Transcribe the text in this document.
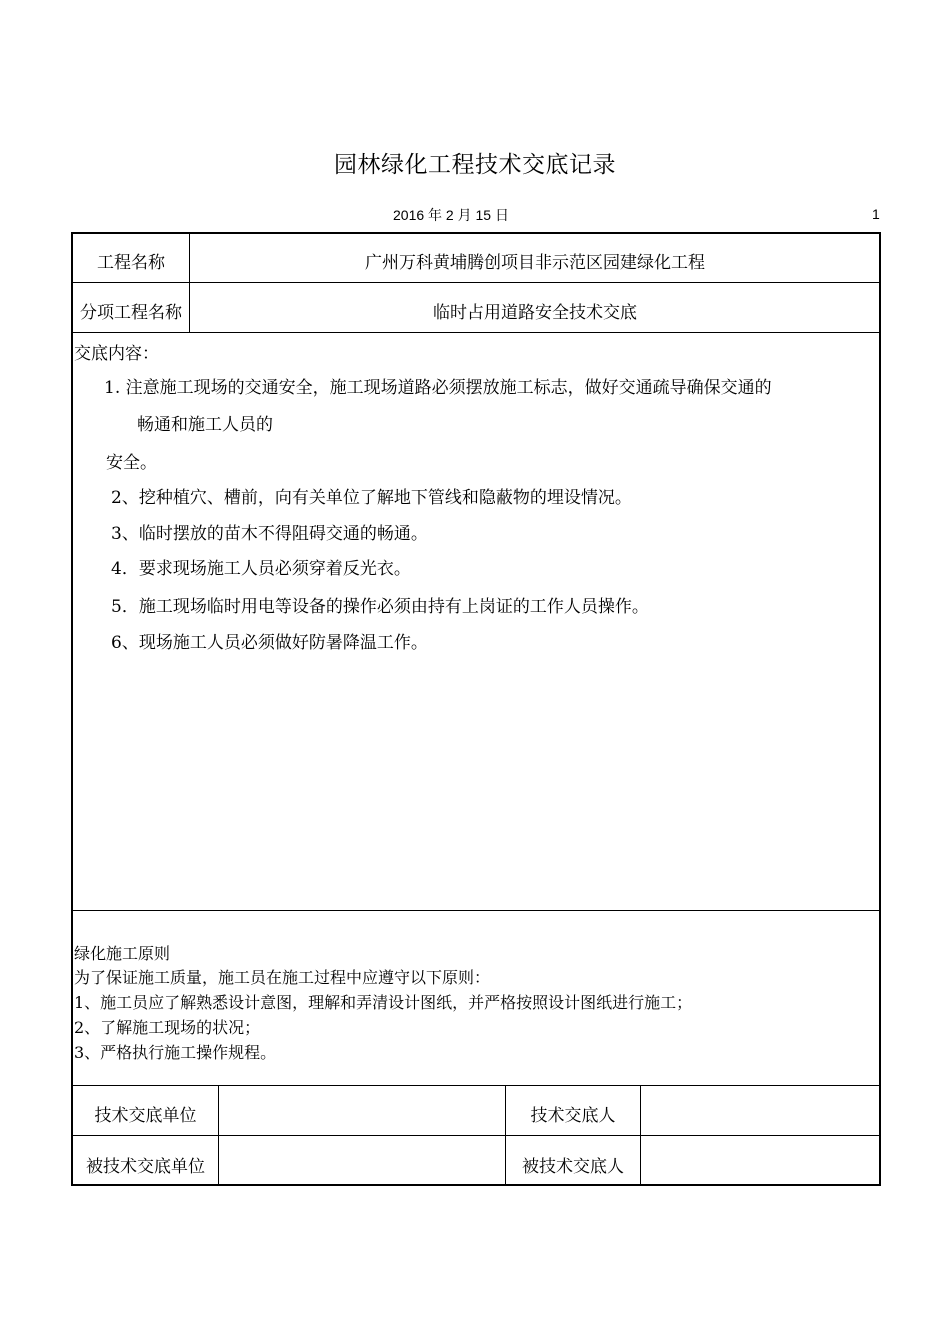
园林绿化工程技术交底记录
2016 年 2 月 15 日	1
工程名称	广州万科黄埔腾创项目非示范区园建绿化工程
分项工程名称	临时占用道路安全技术交底
交底内容：
1. 注意施工现场的交通安全，施工现场道路必须摆放施工标志，做好交通疏导确保交通的
畅通和施工人员的
安全。
2、挖种植穴、槽前，向有关单位了解地下管线和隐蔽物的埋设情况。
3、临时摆放的苗木不得阻碍交通的畅通。
4．要求现场施工人员必须穿着反光衣。
5．施工现场临时用电等设备的操作必须由持有上岗证的工作人员操作。
6、现场施工人员必须做好防暑降温工作。
绿化施工原则
为了保证施工质量，施工员在施工过程中应遵守以下原则：
1、施工员应了解熟悉设计意图，理解和弄清设计图纸，并严格按照设计图纸进行施工；
2、了解施工现场的状况；
3、严格执行施工操作规程。
技术交底单位	技术交底人
被技术交底单位	被技术交底人
